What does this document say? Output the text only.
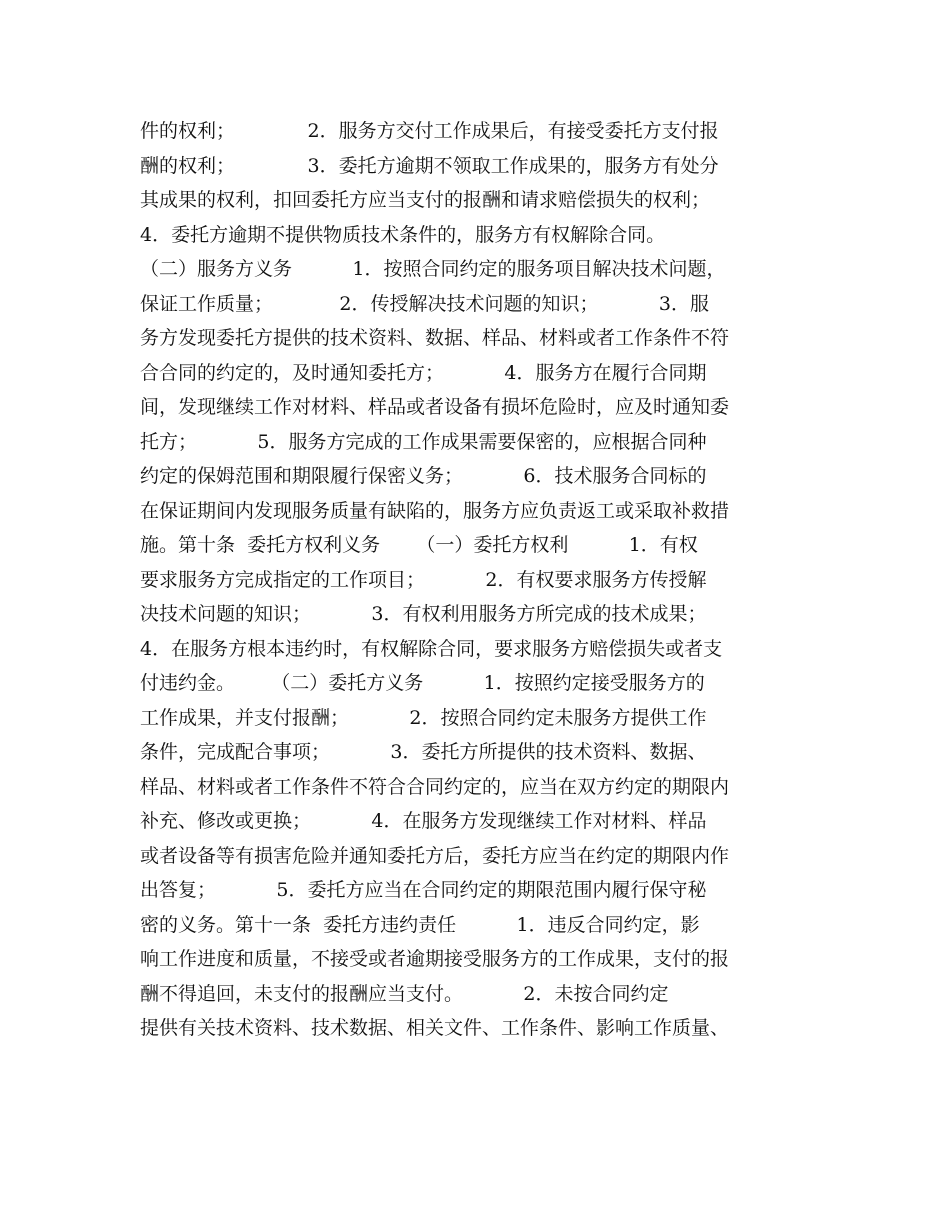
件的权利；            2．服务方交付工作成果后，有接受委托方支付报
酬的权利；            3．委托方逾期不领取工作成果的，服务方有处分
其成果的权利，扣回委托方应当支付的报酬和请求赔偿损失的权利；
4．委托方逾期不提供物质技术条件的，服务方有权解除合同。
（二）服务方义务          1．按照合同约定的服务项目解决技术问题，
保证工作质量；           2．传授解决技术问题的知识；          3．服
务方发现委托方提供的技术资料、数据、样品、材料或者工作条件不符
合合同的约定的，及时通知委托方；          4．服务方在履行合同期
间，发现继续工作对材料、样品或者设备有损坏危险时，应及时通知委
托方；          5．服务方完成的工作成果需要保密的，应根据合同种
约定的保姆范围和期限履行保密义务；          6．技术服务合同标的
在保证期间内发现服务质量有缺陷的，服务方应负责返工或采取补救措
施。第十条  委托方权利义务      （一）委托方权利          1．有权
要求服务方完成指定的工作项目；          2．有权要求服务方传授解
决技术问题的知识；          3．有权利用服务方所完成的技术成果；
4．在服务方根本违约时，有权解除合同，要求服务方赔偿损失或者支
付违约金。      （二）委托方义务          1．按照约定接受服务方的
工作成果，并支付报酬；          2．按照合同约定未服务方提供工作
条件，完成配合事项；          3．委托方所提供的技术资料、数据、
样品、材料或者工作条件不符合合同约定的，应当在双方约定的期限内
补充、修改或更换；          4．在服务方发现继续工作对材料、样品
或者设备等有损害危险并通知委托方后，委托方应当在约定的期限内作
出答复；          5．委托方应当在合同约定的期限范围内履行保守秘
密的义务。第十一条  委托方违约责任          1．违反合同约定，影
响工作进度和质量，不接受或者逾期接受服务方的工作成果，支付的报
酬不得追回，未支付的报酬应当支付。          2．未按合同约定
提供有关技术资料、技术数据、相关文件、工作条件、影响工作质量、
